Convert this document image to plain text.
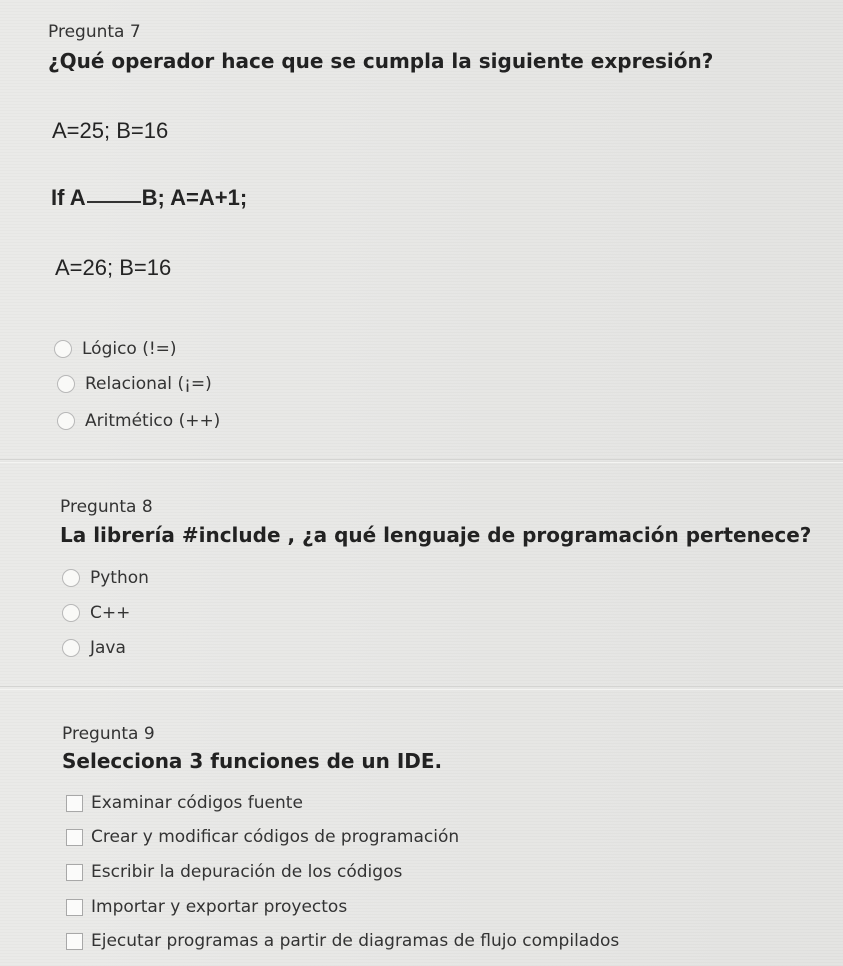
Pregunta 7
¿Qué operador hace que se cumpla la siguiente expresión?
A=25; B=16
If A	B; A=A+1;
A=26; B=16
Lógico (!=)
Relacional (¡=)
Aritmético (++)
Pregunta 8
La librería #include , ¿a qué lenguaje de programación pertenece?
Python
C++
Java
Pregunta 9
Selecciona 3 funciones de un IDE.
Examinar códigos fuente
Crear y modificar códigos de programación
Escribir la depuración de los códigos
Importar y exportar proyectos
Ejecutar programas a partir de diagramas de flujo compilados
